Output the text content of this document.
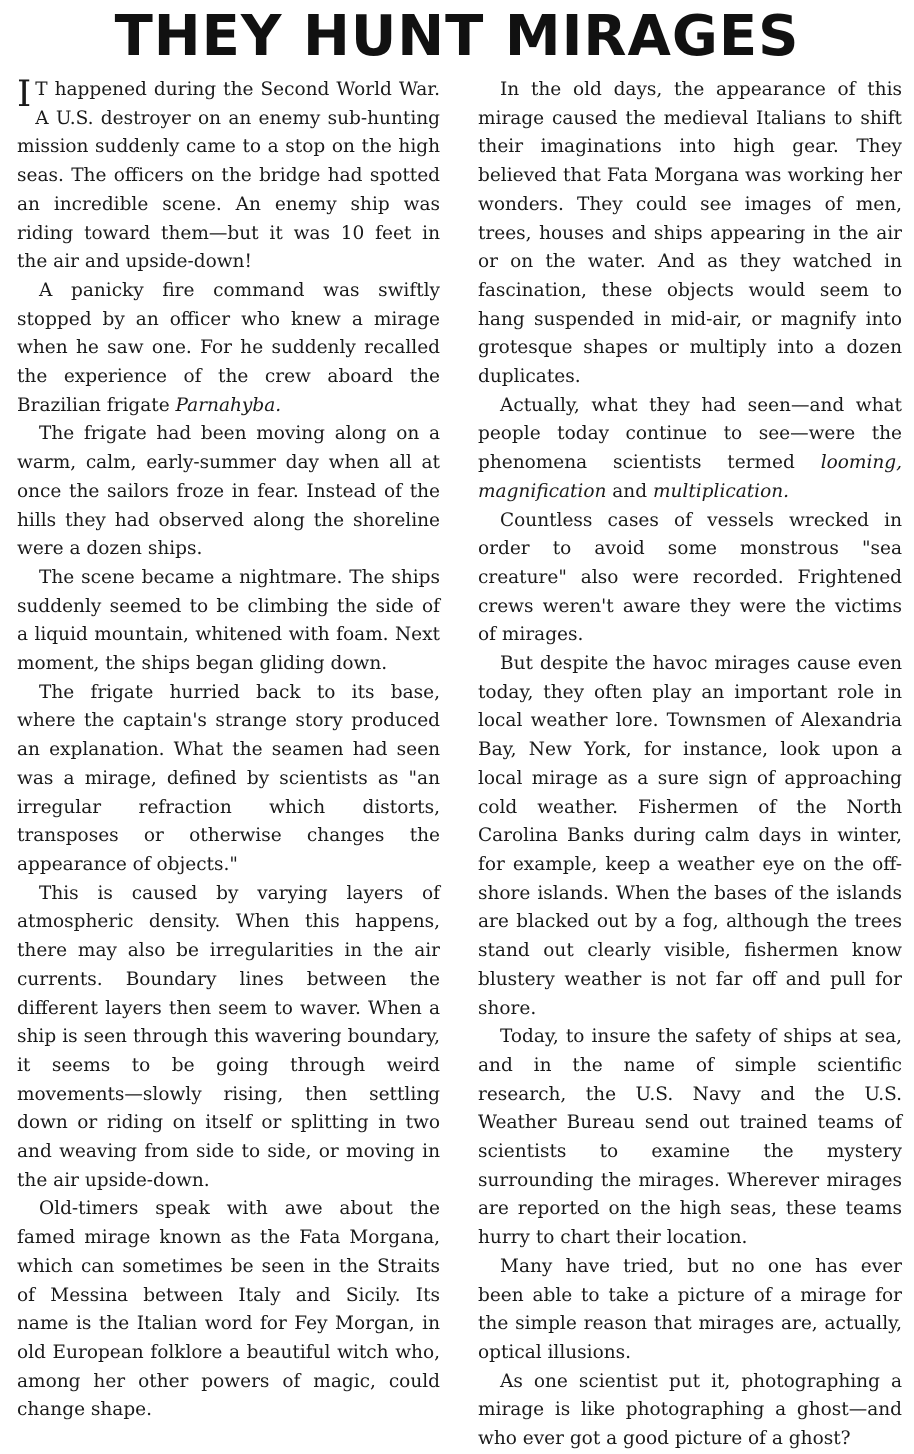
THEY HUNT MIRAGES

I T happened during the Second World War. A U.S. destroyer on an enemy sub-hunting mission suddenly came to a stop on the high seas. The officers on the bridge had spotted an incredible scene. An enemy ship was riding toward them—but it was 10 feet in the air and upside-down!

A panicky fire command was swiftly stopped by an officer who knew a mirage when he saw one. For he suddenly recalled the experience of the crew aboard the Brazilian frigate Parnahyba.

The frigate had been moving along on a warm, calm, early-summer day when all at once the sailors froze in fear. Instead of the hills they had observed along the shoreline were a dozen ships.

The scene became a nightmare. The ships suddenly seemed to be climbing the side of a liquid mountain, whitened with foam. Next moment, the ships began gliding down.

The frigate hurried back to its base, where the captain's strange story produced an explanation. What the seamen had seen was a mirage, defined by scientists as "an irregular refraction which distorts, transposes or otherwise changes the appearance of objects."

This is caused by varying layers of atmospheric density. When this happens, there may also be irregularities in the air currents. Boundary lines between the different layers then seem to waver. When a ship is seen through this wavering boundary, it seems to be going through weird movements—slowly rising, then settling down or riding on itself or splitting in two and weaving from side to side, or moving in the air upside-down.

Old-timers speak with awe about the famed mirage known as the Fata Morgana, which can sometimes be seen in the Straits of Messina between Italy and Sicily. Its name is the Italian word for Fey Morgan, in old European folklore a beautiful witch who, among her other powers of magic, could change shape.

In the old days, the appearance of this mirage caused the medieval Italians to shift their imaginations into high gear. They believed that Fata Morgana was working her wonders. They could see images of men, trees, houses and ships appearing in the air or on the water. And as they watched in fascination, these objects would seem to hang suspended in mid-air, or magnify into grotesque shapes or multiply into a dozen duplicates.

Actually, what they had seen—and what people today continue to see—were the phenomena scientists termed looming, magnification and multiplication.

Countless cases of vessels wrecked in order to avoid some monstrous "sea creature" also were recorded. Frightened crews weren't aware they were the victims of mirages.

But despite the havoc mirages cause even today, they often play an important role in local weather lore. Townsmen of Alexandria Bay, New York, for instance, look upon a local mirage as a sure sign of approaching cold weather. Fishermen of the North Carolina Banks during calm days in winter, for example, keep a weather eye on the off-shore islands. When the bases of the islands are blacked out by a fog, although the trees stand out clearly visible, fishermen know blustery weather is not far off and pull for shore.

Today, to insure the safety of ships at sea, and in the name of simple scientific research, the U.S. Navy and the U.S. Weather Bureau send out trained teams of scientists to examine the mystery surrounding the mirages. Wherever mirages are reported on the high seas, these teams hurry to chart their location.

Many have tried, but no one has ever been able to take a picture of a mirage for the simple reason that mirages are, actually, optical illusions.

As one scientist put it, photographing a mirage is like photographing a ghost—and who ever got a good picture of a ghost?
